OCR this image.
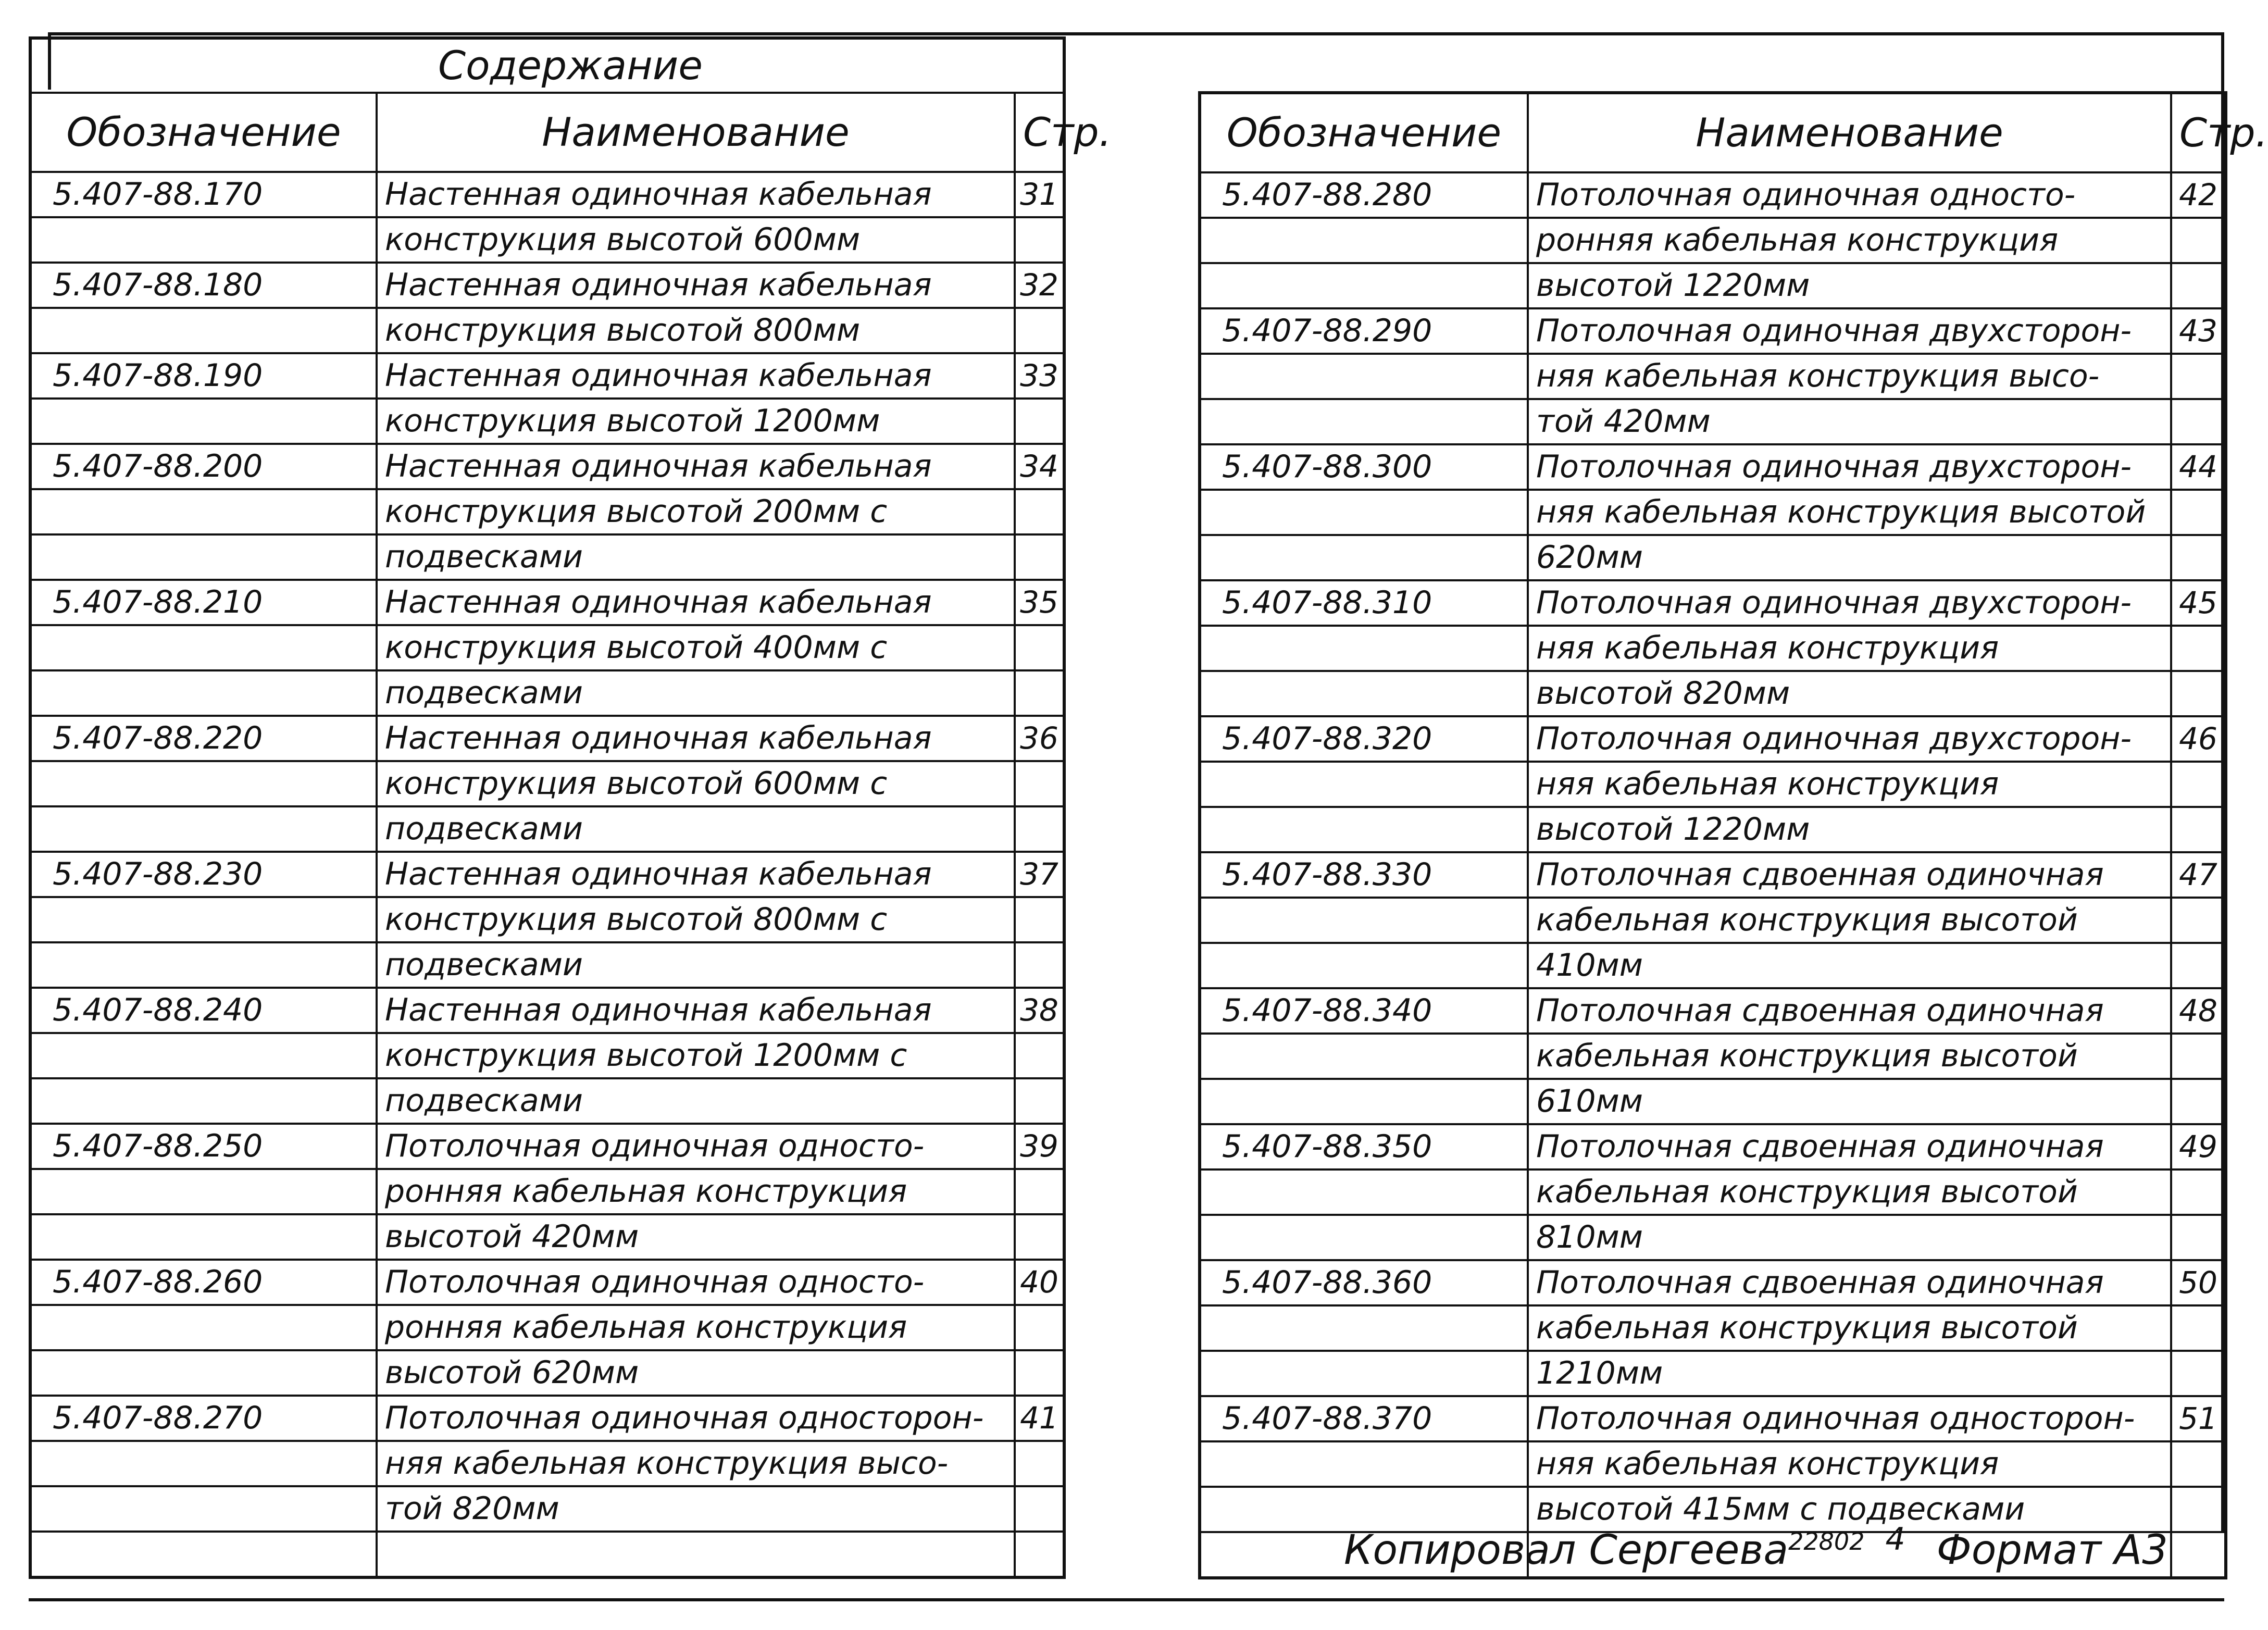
Содержание		
Обозначение	Наименование	Стр.
5.407-88.170	Настенная одиночная кабельная	31
	конструкция высотой 600мм	
5.407-88.180	Настенная одиночная кабельная	32
	конструкция высотой 800мм	
5.407-88.190	Настенная одиночная кабельная	33
	конструкция высотой 1200мм	
5.407-88.200	Настенная одиночная кабельная	34
	конструкция высотой 200мм с	
	подвесками	
5.407-88.210	Настенная одиночная кабельная	35
	конструкция высотой 400мм с	
	подвесками	
5.407-88.220	Настенная одиночная кабельная	36
	конструкция высотой 600мм с	
	подвесками	
5.407-88.230	Настенная одиночная кабельная	37
	конструкция высотой 800мм с	
	подвесками	
5.407-88.240	Настенная одиночная кабельная	38
	конструкция высотой 1200мм с	
	подвесками	
5.407-88.250	Потолочная одиночная односто-	39
	ронняя кабельная конструкция	
	высотой 420мм	
5.407-88.260	Потолочная одиночная односто-	40
	ронняя кабельная конструкция	
	высотой 620мм	
5.407-88.270	Потолочная одиночная односторон-	41
	няя кабельная конструкция высо-	
	той 820мм	

Обозначение	Наименование	Стр.
5.407-88.280	Потолочная одиночная односто-	42
	ронняя кабельная конструкция	
	высотой 1220мм	
5.407-88.290	Потолочная одиночная двухсторон-	43
	няя кабельная конструкция высо-	
	той 420мм	
5.407-88.300	Потолочная одиночная двухсторон-	44
	няя кабельная конструкция высотой	
	620мм	
5.407-88.310	Потолочная одиночная двухсторон-	45
	няя кабельная конструкция	
	высотой 820мм	
5.407-88.320	Потолочная одиночная двухсторон-	46
	няя кабельная конструкция	
	высотой 1220мм	
5.407-88.330	Потолочная сдвоенная одиночная	47
	кабельная конструкция высотой	
	410мм	
5.407-88.340	Потолочная сдвоенная одиночная	48
	кабельная конструкция высотой	
	610мм	
5.407-88.350	Потолочная сдвоенная одиночная	49
	кабельная конструкция высотой	
	810мм	
5.407-88.360	Потолочная сдвоенная одиночная	50
	кабельная конструкция высотой	
	1210мм	
5.407-88.370	Потолочная одиночная односторон-	51
	няя кабельная конструкция	
	высотой 415мм с подвесками	

Копировал Сергеева$^{22802}$ $^4$ Формат А3
